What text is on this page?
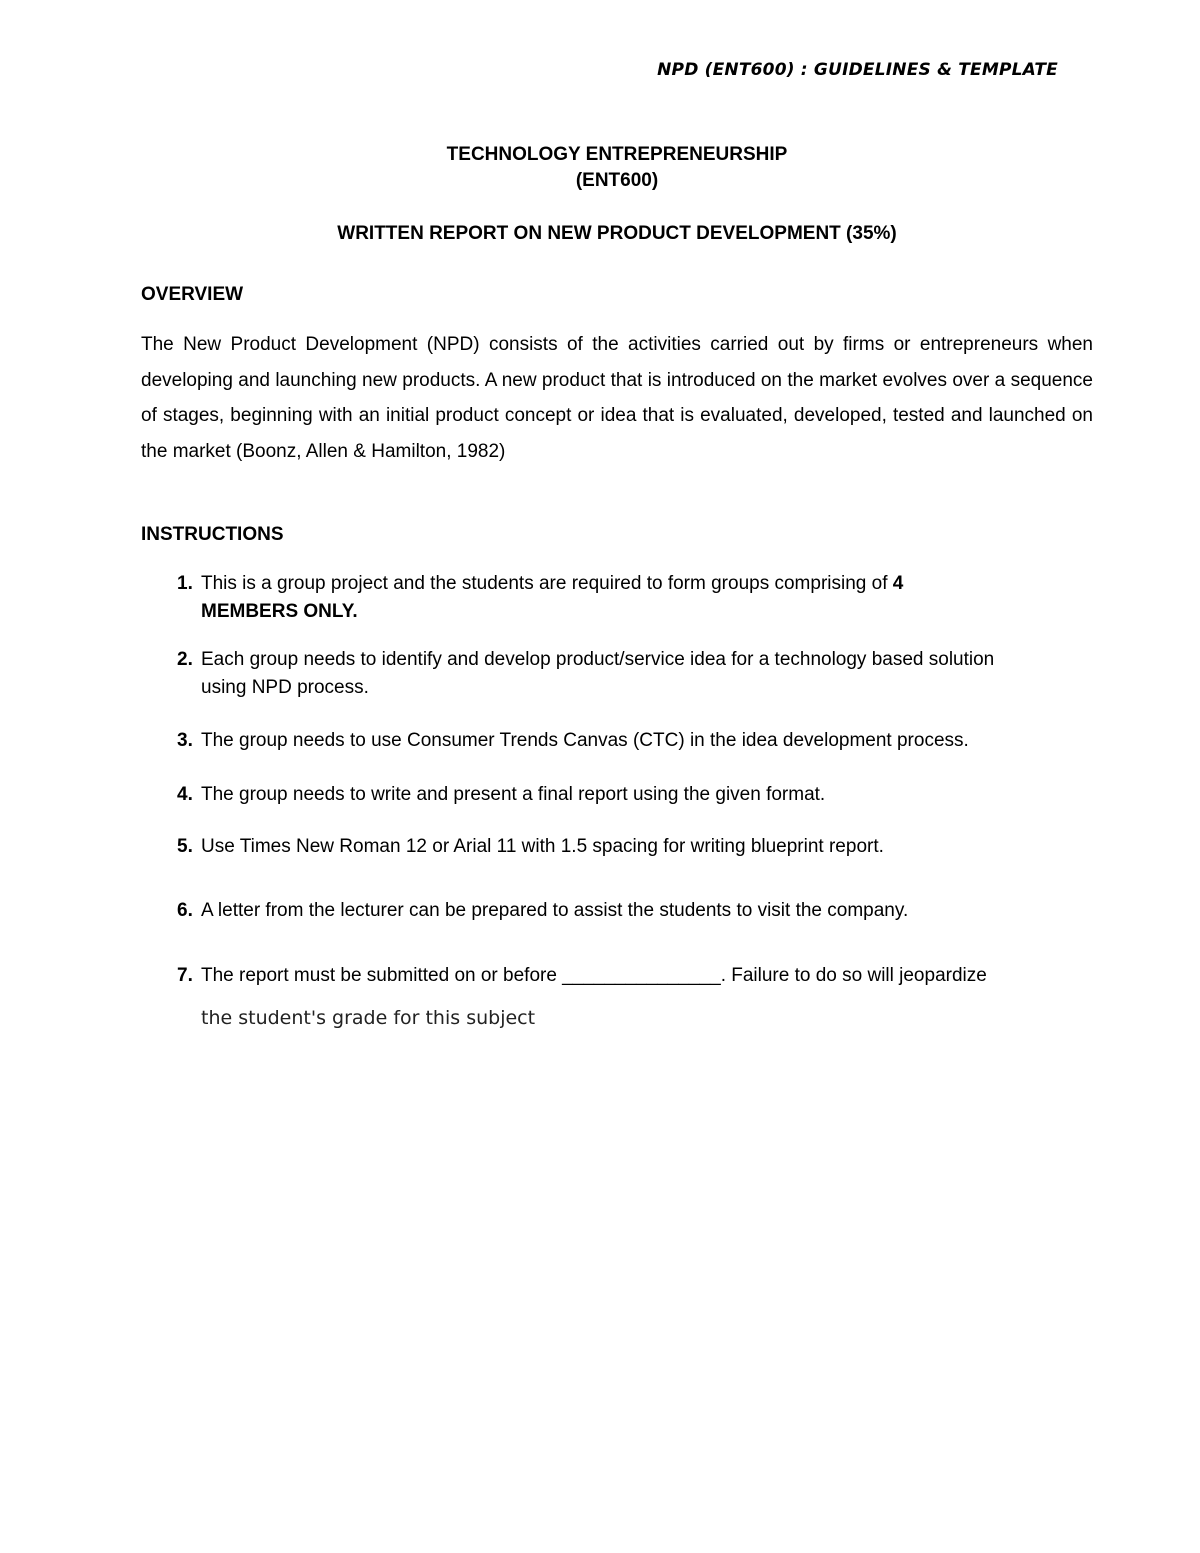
NPD (ENT600) : GUIDELINES & TEMPLATE
TECHNOLOGY ENTREPRENEURSHIP
(ENT600)
WRITTEN REPORT ON NEW PRODUCT DEVELOPMENT (35%)
OVERVIEW
The New Product Development (NPD) consists of the activities carried out by firms or entrepreneurs when developing and launching new products. A new product that is introduced on the market evolves over a sequence of stages, beginning with an initial product concept or idea that is evaluated, developed, tested and launched on the market (Boonz, Allen & Hamilton, 1982)
INSTRUCTIONS
1. This is a group project and the students are required to form groups comprising of 4
MEMBERS ONLY.
2. Each group needs to identify and develop product/service idea for a technology based solution
using NPD process.
3. The group needs to use Consumer Trends Canvas (CTC) in the idea development process.
4. The group needs to write and present a final report using the given format.
5. Use Times New Roman 12 or Arial 11 with 1.5 spacing for writing blueprint report.
6. A letter from the lecturer can be prepared to assist the students to visit the company.
7. The report must be submitted on or before _______________. Failure to do so will jeopardize
the student's grade for this subject
